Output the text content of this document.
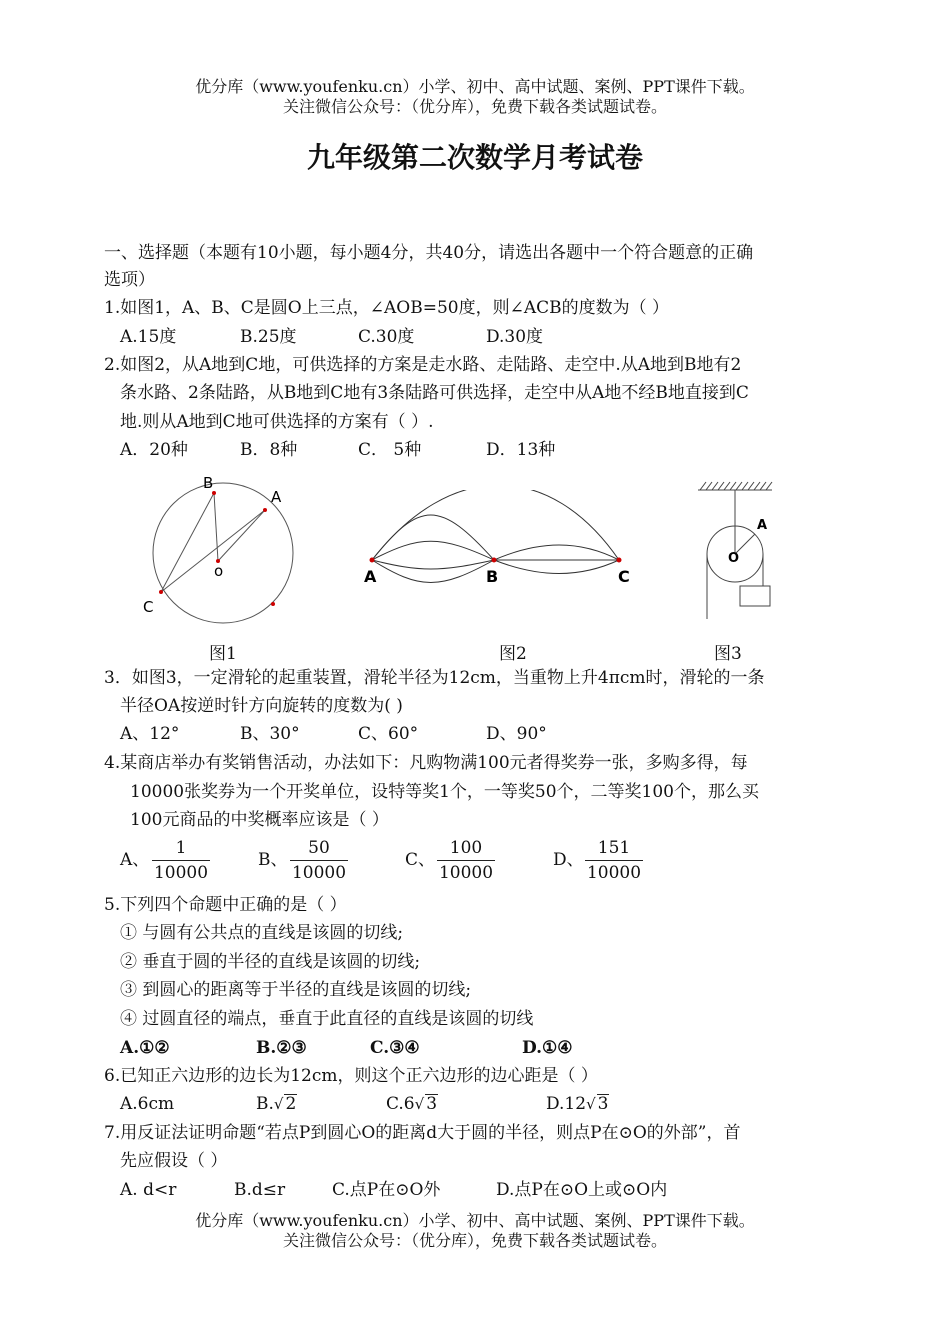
优分库（www.youfenku.cn）小学、初中、高中试题、案例、PPT课件下载。
关注微信公众号：（优分库），免费下载各类试题试卷。
九年级第二次数学月考试卷
一、选择题（本题有10小题，每小题4分，共40分，请选出各题中一个符合题意的正确
选项）
1.如图1，A、B、C是圆O上三点，∠AOB=50度，则∠ACB的度数为（ ）
A.15度	B.25度	C.30度	D.30度
2.如图2，从A地到C地，可供选择的方案是走水路、走陆路、走空中.从A地到B地有2
条水路、2条陆路，从B地到C地有3条陆路可供选择，走空中从A地不经B地直接到C
地.则从A地到C地可供选择的方案有（ ）.
A．20种	B．8种	C． 5种	D．13种
B
A
o
C
图1
A	B	C
图2
O
A
图3
3．如图3，一定滑轮的起重装置，滑轮半径为12cm，当重物上升4πcm时，滑轮的一条
半径OA按逆时针方向旋转的度数为( )
A、12°	B、30°	C、60°	D、90°
4.某商店举办有奖销售活动，办法如下：凡购物满100元者得奖券一张，多购多得，每
10000张奖券为一个开奖单位，设特等奖1个，一等奖50个，二等奖100个，那么买
100元商品的中奖概率应该是（ ）
A、
1
10000
B、
50
10000
C、
100
10000
D、
151
10000
5.下列四个命题中正确的是（ ）
① 与圆有公共点的直线是该圆的切线;
② 垂直于圆的半径的直线是该圆的切线;
③ 到圆心的距离等于半径的直线是该圆的切线;
④ 过圆直径的端点，垂直于此直径的直线是该圆的切线
A.①②	B.②③	C.③④	D.①④
6.已知正六边形的边长为12cm，则这个正六边形的边心距是（ ）
A.6cm	B.√ 2	C.6√ 3	D.12√ 3
7.用反证法证明命题“若点P到圆心O的距离d大于圆的半径，则点P在⊙O的外部”，首
先应假设（ ）
A. d<r	B.d≤r	C.点P在⊙O外	D.点P在⊙O上或⊙O内
优分库（www.youfenku.cn）小学、初中、高中试题、案例、PPT课件下载。
关注微信公众号：（优分库），免费下载各类试题试卷。
